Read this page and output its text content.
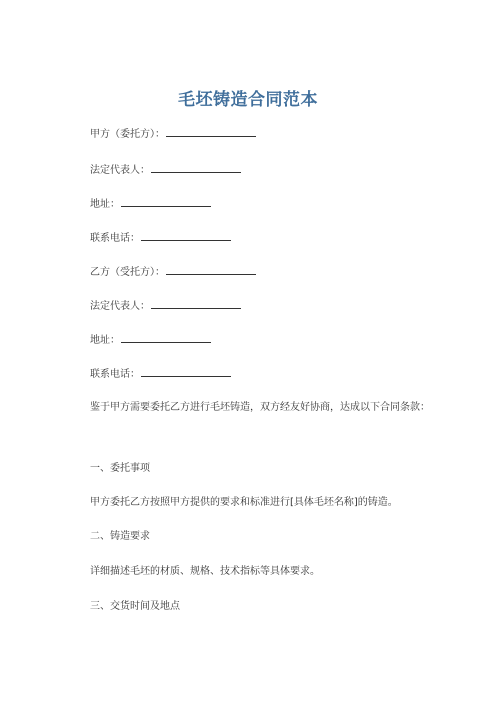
毛坯铸造合同范本
甲方（委托方）：
法定代表人：
地址：
联系电话：
乙方（受托方）：
法定代表人：
地址：
联系电话：
鉴于甲方需要委托乙方进行毛坯铸造，双方经友好协商，达成以下合同条款：
一、委托事项
甲方委托乙方按照甲方提供的要求和标准进行[具体毛坯名称]的铸造。
二、铸造要求
详细描述毛坯的材质、规格、技术指标等具体要求。
三、交货时间及地点
